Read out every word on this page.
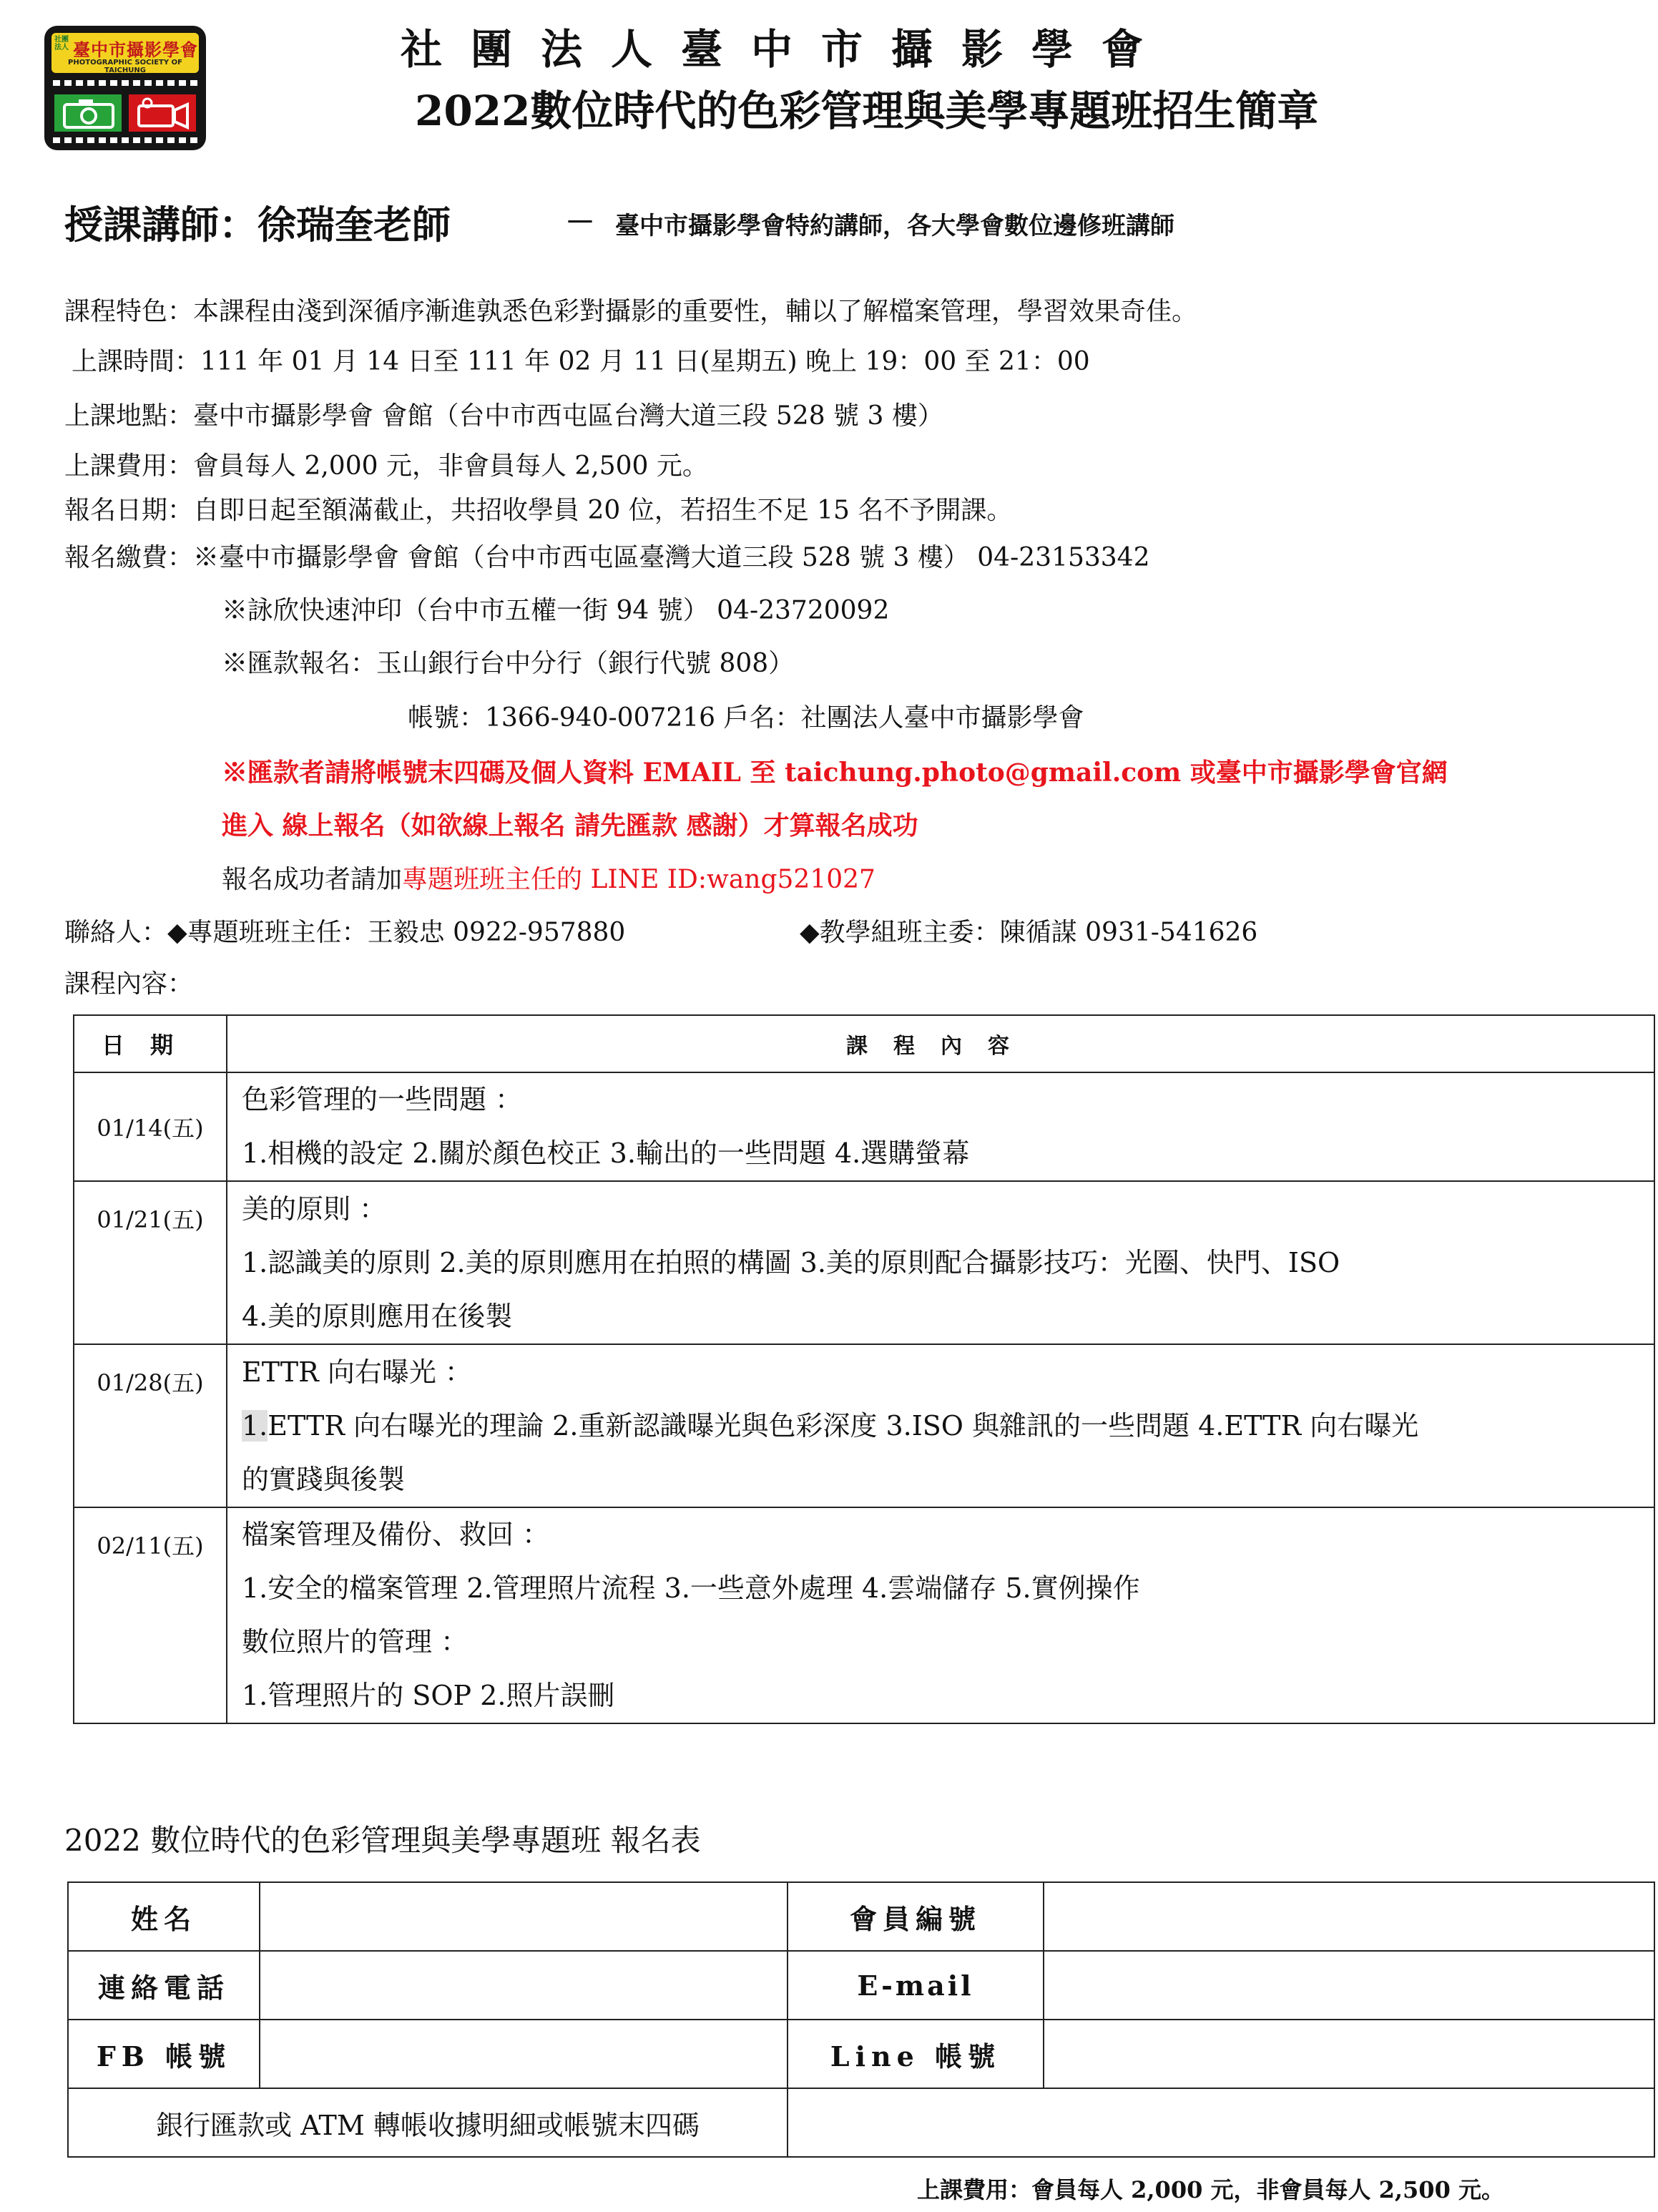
社團法人 臺中市攝影學會
PHOTOGRAPHIC SOCIETY OF TAICHUNG	社團法人臺中市攝影學會
2022數位時代的色彩管理與美學專題班招生簡章
授課講師：徐瑞奎老師	－ 臺中市攝影學會特約講師，各大學會數位邊修班講師
課程特色：本課程由淺到深循序漸進孰悉色彩對攝影的重要性，輔以了解檔案管理，學習效果奇佳。
上課時間：111 年 01 月 14 日至 111 年 02 月 11 日(星期五) 晚上 19：00 至 21：00
上課地點：臺中市攝影學會 會館（台中市西屯區台灣大道三段 528 號 3 樓）
上課費用：會員每人 2,000 元，非會員每人 2,500 元。
報名日期：自即日起至額滿截止，共招收學員 20 位，若招生不足 15 名不予開課。
報名繳費：※臺中市攝影學會 會館（台中市西屯區臺灣大道三段 528 號 3 樓） 04-23153342
※詠欣快速沖印（台中市五權一街 94 號） 04-23720092
※匯款報名：玉山銀行台中分行（銀行代號 808）
帳號：1366-940-007216 戶名：社團法人臺中市攝影學會
※匯款者請將帳號末四碼及個人資料 EMAIL 至 taichung.photo@gmail.com 或臺中市攝影學會官網
進入 線上報名（如欲線上報名 請先匯款 感謝）才算報名成功
報名成功者請加專題班班主任的 LINE ID:wang521027
聯絡人：◆專題班班主任：王毅忠 0922-957880	◆教學組班主委：陳循謀 0931-541626
課程內容：
日期	課程內容
01/14(五)	色彩管理的一些問題 ：
1.相機的設定 2.關於顏色校正 3.輸出的一些問題 4.選購螢幕

01/21(五)	美的原則 ：
1.認識美的原則 2.美的原則應用在拍照的構圖 3.美的原則配合攝影技巧：光圈、快門、ISO
4.美的原則應用在後製

01/28(五)	ETTR 向右曝光 ：
1.ETTR 向右曝光的理論 2.重新認識曝光與色彩深度 3.ISO 與雜訊的一些問題 4.ETTR 向右曝光
的實踐與後製

02/11(五)	檔案管理及備份、救回 ：
1.安全的檔案管理 2.管理照片流程 3.一些意外處理 4.雲端儲存 5.實例操作
數位照片的管理 ：
1.管理照片的 SOP 2.照片誤刪
2022 數位時代的色彩管理與美學專題班 報名表
姓名		會員編號	
連絡電話		E-mail	
FB 帳號		Line 帳號	
銀行匯款或 ATM 轉帳收據明細或帳號末四碼			
上課費用：會員每人 2,000 元，非會員每人 2,500 元。
